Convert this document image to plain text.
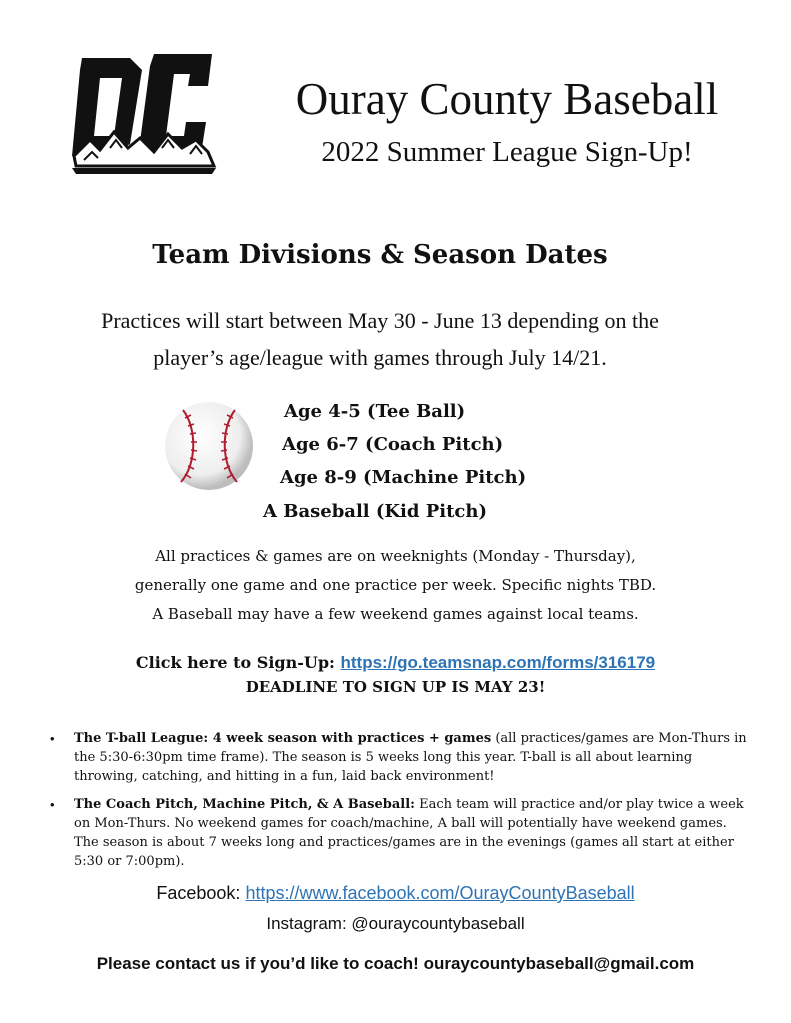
Ouray County Baseball
2022 Summer League Sign-Up!
Team Divisions & Season Dates
Practices will start between May 30 - June 13 depending on the
player’s age/league with games through July 14/21.
Age 4-5 (Tee Ball)
Age 6-7 (Coach Pitch)
Age 8-9 (Machine Pitch)
A Baseball (Kid Pitch)
All practices & games are on weeknights (Monday - Thursday),
generally one game and one practice per week. Specific nights TBD.
A Baseball may have a few weekend games against local teams.
Click here to Sign-Up: https://go.teamsnap.com/forms/316179
DEADLINE TO SIGN UP IS MAY 23!
• The T-ball League: 4 week season with practices + games (all practices/games are Mon-Thurs in the 5:30-6:30pm time frame). The season is 5 weeks long this year. T-ball is all about learning throwing, catching, and hitting in a fun, laid back environment!
• The Coach Pitch, Machine Pitch, & A Baseball: Each team will practice and/or play twice a week on Mon-Thurs. No weekend games for coach/machine, A ball will potentially have weekend games. The season is about 7 weeks long and practices/games are in the evenings (games all start at either 5:30 or 7:00pm).
Facebook: https://www.facebook.com/OurayCountyBaseball
Instagram: @ouraycountybaseball
Please contact us if you’d like to coach! ouraycountybaseball@gmail.com
